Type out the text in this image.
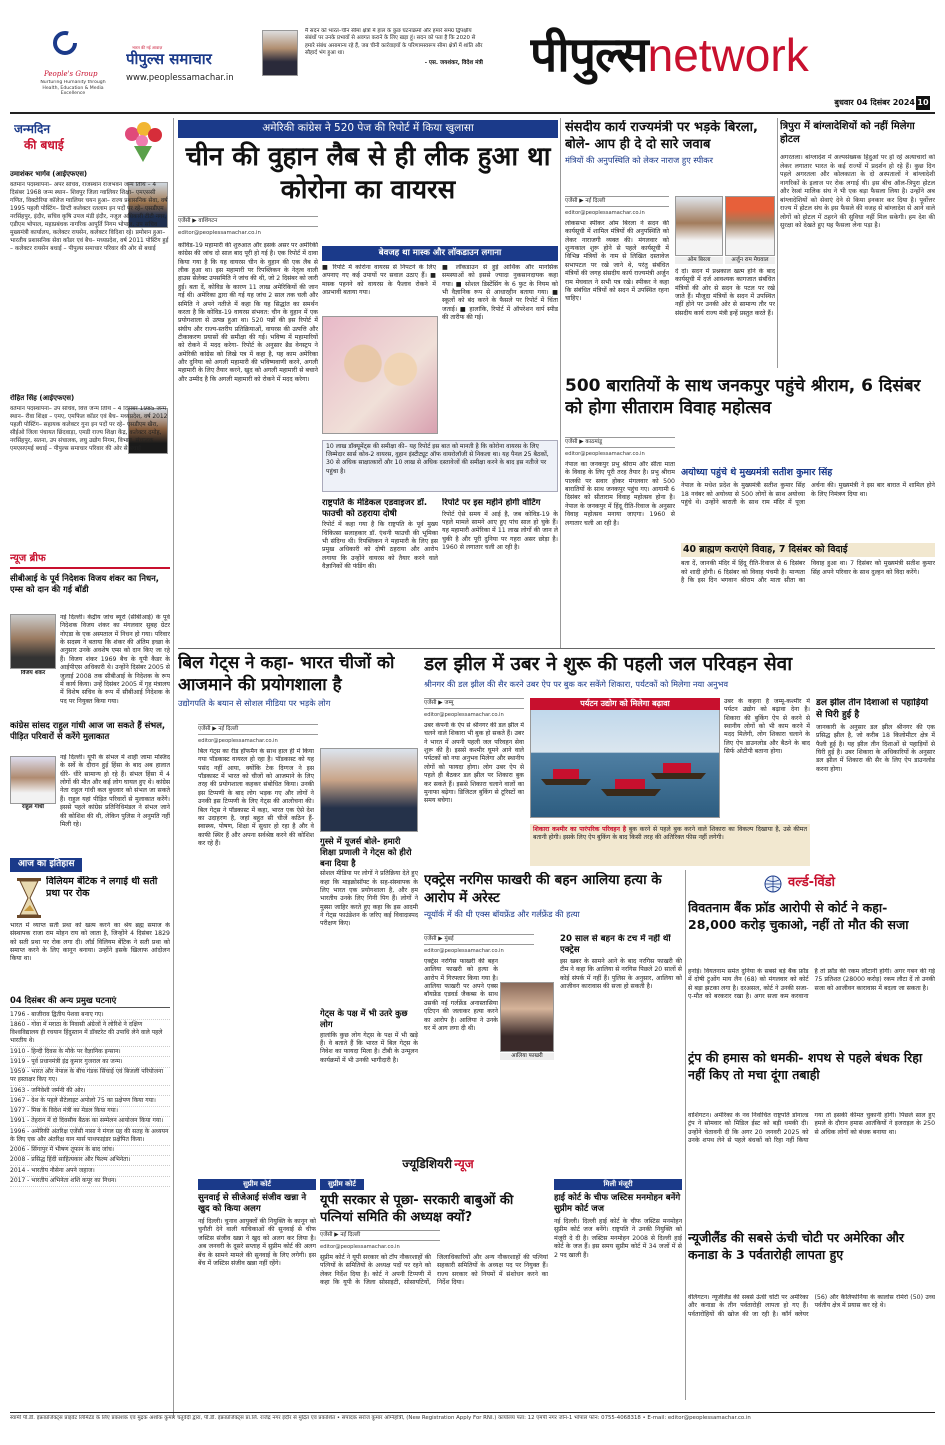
People's Group
Nurturing Humanity through Health, Education & Media Excellence
भारत की नई आवाज़
पीपुल्स समाचार
www.peoplessamachar.in
मैं सदन को भारत–चीन सीमा क्षेत्रों में हाल के कुछ घटनाक्रमों और हमारे समग्र द्विपक्षीय संबंधों पर उनके प्रभावों से अवगत कराने के लिए खड़ा हूं। सदन को पता है कि 2020 से हमारे संबंध असामान्य रहे हैं, जब चीनी कार्रवाइयों के परिणामस्वरूप सीमा क्षेत्रों में शांति और सौहार्द भंग हुआ था।
- एस. जयशंकर, विदेश मंत्री पीपुल्सnetwork
बुधवार 04 दिसंबर 2024 10
जन्मदिन
की बधाई
उमाशंकर भार्गव (आईएफएस)
वर्तमान पदस्थापना– अपर सचिव, राजस्थान राजभवन जन्म तिथि – 4 दिसंबर 1968 जन्म स्थान– शिवपुर जिला ग्वालियर शिक्षा– एमएससी गणित, विक्टोरिया कॉलेज ग्वालियर चयन हुआ– राज्य प्रशासनिक सेवा, वर्ष 1995 पहली पोस्टिंग– डिप्टी कलेक्टर रतलाम इन पदों पर रहे– एसडीएम नरसिंहपुर, इंदौर, सचिव कृषि उपज मंडी इंदौर, नजूल अधिकारी टीटी नगर, एडीएम भोपाल, महाप्रबंधक नागरिक आपूर्ति निगम भोपाल, उप सचिव मुख्यमंत्री कार्यालय, कलेक्टर रायसेन, कलेक्टर विदिशा रहे। प्रमोशन हुआ– भारतीय प्रशासनिक सेवा कॉडर एवं बैच– मध्यप्रदेश, वर्ष 2011 पोस्टिंग हुई – कलेक्टर रायसेन बधाई – पीपुल्स समाचार परिवार की ओर से बधाई
रोहित सिंह (आईएफएस)
वर्तमान पदस्थापना– उप सचिव, वित्त जन्म तिथि – 4 दिसंबर 1985 जन्म स्थान– रीवा शिक्षा – एमए, एमफिल कॉडर एवं बैच– मध्यप्रदेश, वर्ष 2012 पहली पोस्टिंग– सहायक कलेक्टर गुना इन पदों पर रहे– एसडीएम खैरा, सीईओ जिला पंचायत छिंदवाड़ा, एमडी राज्य शिक्षा केंद्र, कलेक्टर दमोह, नरसिंहपुर, सतना, उप संचालक, लघु उद्योग निगम, विभाग, संचालक एमएसएमई बधाई – पीपुल्स समाचार परिवार की ओर से बधाई
न्यूज ब्रीफ
सीबीआई के पूर्व निदेशक विजय शंकर का निधन, एम्स को दान की गई बॉडी
विजय शंकर
नई दिल्ली। केंद्रीय जांच ब्यूरो (सीबीआई) के पूर्व निदेशक विजय शंकर का मंगलवार सुबह ग्रेटर नोएडा के एक अस्पताल में निधन हो गया। परिवार के सदस्य ने बताया कि शंकर की अंतिम इच्छा के अनुसार उनके अवशेष एम्स को दान किए जा रहे हैं। विजय शंकर 1969 बैच के यूपी कैडर के आईपीएस अधिकारी थे। उन्होंने दिसंबर 2005 से जुलाई 2008 तक सीबीआई के निदेशक के रूप में कार्य किया। उन्हें दिसंबर 2005 में गृह मंत्रालय में विशेष सचिव के रूप में सीबीआई निदेशक के पद पर नियुक्त किया गया।
कांग्रेस सांसद राहुल गांधी आज जा सकते हैं संभल, पीड़ित परिवारों से करेंगे मुलाकात
राहुल गांधी
नई दिल्ली। यूपी के संभल में शाही जामा मस्जिद के सर्वे के दौरान हुई हिंसा के बाद अब हालात धीरे- धीरे सामान्य हो रहे हैं। संभल हिंसा में 4 लोगों की मौत और कई लोग घायल हुए थे। कांग्रेस नेता राहुल गांधी कल बुधवार को संभल जा सकते हैं। राहुल यहां पीड़ित परिवारों से मुलाकात करेंगे। इससे पहले कांग्रेस प्रतिनिधिमंडल ने संभल जाने की कोशिश की थी, लेकिन पुलिस ने अनुमति नहीं मिली रहे।
आज का इतिहास
विलियम बेंटिक ने लगाई थी सती प्रथा पर रोक
भारत में व्याप्त सती प्रथा को खत्म करने का श्रेय ब्रह्म समाज के संस्थापक राजा राम मोहन राय को जाता है, जिन्होंने 4 दिसंबर 1829 को सती प्रथा पर रोक लगा दी। लॉर्ड विलियम बेंटिक ने सती प्रथा को समाप्त करने के लिए कानून बनाया। उन्होंने इसके खिलाफ आंदोलन किया था।
04 दिसंबर की अन्य प्रमुख घटनाएं
1796 - बाजीराव द्वितीय पेशवा बनाए गए।
1860 - गोवा में मराठा के निवासी अंग्रेजों ने लोरिशे ने दक्षिण विश्वविद्यालय ही रचयान हिंदुस्तान में डॉक्टरेट की उपाधि लेने वाले पहले भारतीय थे।
1910 - हिन्दी दिवस के मौके पर वैज्ञानिक इन्सान।
1919 - पूर्व प्रधानमंत्री इंद्र कुमार गुजराल का जन्म।
1959 - भारत और नेपाल के बीच गंडक सिंचाई एवं बिजली परियोजना पर हस्ताक्षर किए गए।
1963 - जनिवेशी जर्मनी की ओर।
1967 - देश के पहले सैटेलाइट अपोलो 75 का प्रक्षेपण किया गया।
1977 - मिस्र के विदेश मंत्री का मेडल किया गया।
1991 - तेहरान में दो दिवसीय बैठक का सम्मेलन आयोजन किया गया।
1996 - अमेरिकी अंतरिक्ष एजेंसी नासा ने मंगल ग्रह की सतह के अध्ययन के लिए एक और अंतरिक्ष यान मार्स पाथफाइंडर प्रक्षेपित किया।
2006 - सिंगापुर में भीषण तूफान के बाद जांच।
2008 - प्रसिद्ध हिंदी साहित्यकार और फिल्म अभिनेता।
2014 - भारतीय नौसेना अपने जहाज।
2017 - भारतीय अभिनेता शशि कपूर का निधन।
अमेरिकी कांग्रेस ने 520 पेज की रिपोर्ट में किया खुलासा
चीन की वुहान लैब से ही लीक हुआ था कोरोना का वायरस
एजेंसी ▶ वाशिंगटन
editor@peoplessamachar.co.in
कोविड-19 महामारी की शुरुआत और इसके असर पर अमेरिकी कांग्रेस की जांच दो साल बाद पूरी हो गई है। एक रिपोर्ट में दावा किया गया है कि यह वायरस चीन के वुहान की एक लैब से लीक हुआ था। इस महामारी पर रिपब्लिकन के नेतृत्व वाली हाउस सेलेक्ट उपसमिति ने जांच की थी, जो 2 दिसंबर को जारी हुई। बता दें, कोविड के कारण 11 लाख अमेरिकियों की जान गई थी। अमेरिका द्वारा की गई यह जांच 2 साल तक चली और समिति ने अपने नतीजे में कहा कि यह सिद्धांत का समर्थन करता है कि कोविड-19 वायरस संभवत: चीन के वुहान में एक प्रयोगशाला से उत्पन्न हुआ था। 520 पन्नों की इस रिपोर्ट में संघीय और राज्य-स्तरीय प्रतिक्रियाओं, वायरस की उत्पत्ति और टीकाकरण प्रयासों की समीक्षा की गई। भविष्य में महामारियों को रोकने में मदद करेगा- रिपोर्ट के अनुसार ब्रैड वेनस्ट्रप ने अमेरिकी कांग्रेस को लिखे पत्र में कहा है, यह काम अमेरिका और दुनिया को अगली महामारी की भविष्यवाणी करने, अगली महामारी के लिए तैयार करने, खुद को अगली महामारी से बचाने और उम्मीद है कि अगली महामारी को रोकने में मदद करेगा।
बेवजह था मास्क और लॉकडाउन लगाना
■ रिपोर्ट में कोरोना वायरस से निपटने के लिए अपनाए गए कई उपायों पर सवाल उठाए हैं। ■ मास्क पहनने को वायरस के फैलाव रोकने में अप्रभावी बताया गया।
■ लॉकडाउन से हुई आर्थिक और मानसिक समस्याओं को इससे ज्यादा नुकसानदायक कहा गया। ■ सोशल डिस्टेंसिंग के 6 फुट के नियम को भी वैज्ञानिक रूप से आधारहीन बताया गया। ■ स्कूलों को बंद करने के फैसले पर रिपोर्ट में चिंता जताई। ■ हालांकि, रिपोर्ट में ऑपरेशन वार्प स्पीड की तारीफ की गई।
10 लाख डॉक्यूमेंट्स की समीक्षा की– यह रिपोर्ट इस बात को मानती है कि कोरोना वायरस के लिए जिम्मेदार सार्स कोव-2 वायरस, वुहान इंस्टीट्यूट ऑफ वायरोलॉजी से निकला था। यह पैनल 25 बैठकों, 30 से अधिक साक्षात्कारों और 10 लाख से अधिक दस्तावेजों की समीक्षा करने के बाद इस नतीजे पर पहुंचा है।
राष्ट्रपति के मेडिकल एडवाइजर डॉ. फाउची को ठहराया दोषी
रिपोर्ट में कहा गया है कि राष्ट्रपति के पूर्व मुख्य चिकित्सा सलाहकार डॉ. एंथनी फाउची की भूमिका भी संदिग्ध थी। रिपब्लिकन ने महामारी के लिए इस प्रमुख अधिकारी को दोषी ठहराया और आरोप लगाया कि उन्होंने वायरस को तैयार करने वाले वैज्ञानिकों की फंडिंग की।
रिपोर्ट पर इस महीने होगी वोटिंग
रिपोर्ट ऐसे समय में आई है, जब कोविड-19 के पहले मामले सामने आए हुए पांच साल हो चुके हैं। यह महामारी अमेरिका में 11 लाख लोगों की जान ले चुकी है और पूरी दुनिया पर गहरा असर छोड़ा है। 1960 से लगातार चली आ रही है।
संसदीय कार्य राज्यमंत्री पर भड़के बिरला, बोले- आप ही दे दो सारे जवाब
मंत्रियों की अनुपस्थिति को लेकर नाराज हुए स्पीकर
एजेंसी ▶ नई दिल्ली
editor@peoplessamachar.co.in
लोकसभा स्पीकर ओम बिरला ने सदन की कार्यसूची में शामिल मंत्रियों की अनुपस्थिति को लेकर नाराजगी व्यक्त की। मंगलवार को शून्यकाल शुरू होने से पहले कार्यसूची में विभिन्न मंत्रियों के नाम से लिखित दस्तावेज सभापटल पर रखे जाने थे, परंतु संबंधित मंत्रियों की जगह संसदीय कार्य राज्यमंत्री अर्जुन राम मेघवाल ने सभी पत्र रखे। स्पीकर ने कहा कि संबंधित मंत्रियों को सदन में उपस्थित रहना चाहिए।
ओम बिरला	अर्जुन राम मेघवाल
दे दो। सदन में प्रश्नकाल खत्म होने के बाद कार्यसूची में दर्ज आवश्यक कागजात संबंधित मंत्रियों की ओर से सदन के पटल पर रखे जाते हैं। मौजूदा मंत्रियों के सदन में उपस्थित नहीं होने पर उनकी ओर से सामान्य तौर पर संसदीय कार्य राज्य मंत्री इन्हें प्रस्तुत करते हैं।
त्रिपुरा में बांग्लादेशियों को नहीं मिलेगा होटल
अगरतला। बांग्लादेश में अल्पसंख्यक हिंदुओं पर हो रहे अत्याचारों को लेकर लगातार भारत के कई राज्यों में प्रदर्शन हो रहे हैं। कुछ दिन पहले अगरतला और कोलकाता के दो अस्पतालों ने बांग्लादेशी नागरिकों के इलाज पर रोक लगाई थी। इस बीच ऑल-त्रिपुरा होटल और रेस्त्रां मालिक संघ ने भी एक बड़ा फैसला लिया है। उन्होंने अब बांग्लादेशियों को सेवाएं देने से किया इनकार कर दिया है। पूर्वोत्तर राज्य में होटल संघ के इस फैसले की वजह से बांग्लादेश से आने वाले लोगों को होटल में ठहरने की सुविधा नहीं मिल सकेगी। हम देश की सुरक्षा को देखते हुए यह फैसला लेना पड़ा है।
500 बारातियों के साथ जनकपुर पहुंचे श्रीराम, 6 दिसंबर को होगा सीताराम विवाह महोत्सव
एजेंसी ▶ काठमांडू
editor@peoplessamachar.co.in
नेपाल का जनकपुर प्रभु श्रीराम और सीता माता के विवाह के लिए पूरी तरह तैयार है। प्रभु श्रीराम पालकी पर सवार होकर मंगलवार को 500 बारातियों के साथ जनकपुर पहुंच गए। आगामी 6 दिसंबर को सीताराम विवाह महोत्सव होना है। नेपाल के जनकपुर में हिंदू रीति-रिवाज के अनुसार विवाह महोत्सव मनाया जाएगा। 1960 से लगातार चली आ रही है।
अयोध्या पहुंचे थे मुख्यमंत्री सतीश कुमार सिंह
नेपाल के मधेश प्रदेश के मुख्यमंत्री सतीश कुमार सिंह 18 नवंबर को अयोध्या से 500 लोगों के साथ अयोध्या पहुंचे थे। उन्होंने बाराती के साथ राम मंदिर में पूजा अर्चना की। मुख्यमंत्री ने इस बार बारात में शामिल होने के लिए निमंत्रण दिया था।
40 ब्राह्मण कराएंगे विवाह, 7 दिसंबर को विदाई
बता दें, जानकी मंदिर में हिंदू रीति-रिवाज से 6 दिसंबर को शादी होगी। 6 दिसंबर को विवाह पंचमी है। मान्यता है कि इस दिन भगवान श्रीराम और माता सीता का विवाह हुआ था। 7 दिसंबर को मुख्यमंत्री सतीश कुमार सिंह अपने परिवार के साथ दुल्हन को विदा करेंगे।
बिल गेट्स ने कहा- भारत चीजों को आजमाने की प्रयोगशाला है
उद्योगपति के बयान से सोशल मीडिया पर भड़के लोग
एजेंसी ▶ नई दिल्ली
editor@peoplessamachar.co.in
बिल गेट्स का रीड हॉफमैन के साथ हाल ही में किया गया पॉडकास्ट वायरल हो रहा है। पॉडकास्ट को यह पसंद नहीं आया, क्योंकि टेक दिग्गज ने इस पॉडकास्ट में भारत को चीजों को आजमाने के लिए तरह की प्रयोगशाला कहकर संबोधित किया। उनकी इस टिप्पणी के बाद लोग भड़क गए और लोगों ने उनकी इस टिप्पणी के लिए गेट्स की आलोचना की। बिल गेट्स ने पॉडकास्ट में कहा, भारत एक ऐसे देश का उदाहरण है, जहां बहुत सी चीजें कठिन हैं- स्वास्थ्य, पोषण, शिक्षा में सुधार हो रहा है और वे काफी स्थिर हैं और अपना सर्वश्रेष्ठ करने की कोशिश कर रहे हैं।	गुस्से में यूजर्स बोले- हमारी शिक्षा प्रणाली ने गेट्स को हीरो बना दिया है
सोशल मीडिया पर लोगों ने प्रतिक्रिया देते हुए कहा कि माइक्रोसॉफ्ट के सह-संस्थापक के लिए भारत एक प्रयोगशाला है, और हम भारतीय उनके लिए गिनी पिग हैं। लोगों ने मुस्सा जाहिर करते हुए कहा कि इस आदमी ने गेट्स फाउंडेशन के जरिए कई विवादास्पद परीक्षण किए।
गेट्स के पक्ष में भी उतरे कुछ लोग
हालांकि कुछ लोग गेट्स के पक्ष में भी खड़े हैं। वे बताते हैं कि भारत में बिल गेट्स के निवेश का फायदा मिला है। टीबी के उन्मूलन कार्यक्रमों में भी उनकी भागीदारी है।
डल झील में उबर ने शुरू की पहली जल परिवहन सेवा
श्रीनगर की डल झील की सैर करने उबर ऐप पर बुक कर सकेंगे शिकारा, पर्यटकों को मिलेगा नया अनुभव
एजेंसी ▶ जम्मू
editor@peoplessamachar.co.in
उबर कंपनी के ऐप से श्रीनगर की डल झील में चलने वाले शिकारा भी बुक हो सकते हैं। उबर ने भारत में अपनी पहली जल परिवहन सेवा शुरू की है। इससे कश्मीर घूमने आने वाले पर्यटकों को नया अनुभव मिलेगा और स्थानीय लोगों को फायदा होगा। लोग उबर ऐप से पहले ही बैठकर डल झील पर शिकारा बुक कर सकते हैं। इससे शिकारा चलाने वालों का मुनाफा बढ़ेगा। डिजिटल बुकिंग से टूरिस्टों का समय बचेगा।
पर्यटन उद्योग को मिलेगा बढ़ावा	उबर के कहना है जम्मू-कश्मीर में पर्यटन उद्योग को बढ़ावा देना है। शिकारा की बुकिंग ऐप से करने से स्थानीय लोगों को भी काम करने में मदद मिलेगी, लोग शिकारा चलाने के लिए ऐप डाउनलोड और बैठने के बाद सिर्फ ओटीपी बताना होगा।
शिकारा कश्मीर का पारंपरिक परिवहन है बुक करने से पहले बुक करने वाले शिकारा का विकल्प दिखाया है, उसे कीमत बतानी होगी। इसके लिए ऐप बुकिंग के बाद किसी तरह की अतिरिक्त फीस नहीं लगेगी।
डल झील तीन दिशाओं से पहाड़ियों से घिरी हुई है
जानकारी के अनुसार डल झील श्रीनगर की एक प्रसिद्ध झील है, जो करीब 18 किलोमीटर क्षेत्र में फैली हुई है। यह झील तीन दिशाओं से पहाड़ियों से घिरी हुई है। उबर शिकारा के अधिकारियों के अनुसार डल झील में शिकारा की सैर के लिए ऐप डाउनलोड करना होगा।
एक्ट्रेस नरगिस फाखरी की बहन आलिया हत्या के आरोप में अरेस्ट
न्यूयॉर्क में की थी एक्स बॉयफ्रेंड और गर्लफ्रेंड की हत्या
एजेंसी ▶ मुंबई
editor@peoplessamachar.co.in
एक्ट्रेस नरगिस फाखरी की बहन आलिया फाखरी को हत्या के आरोप में गिरफ्तार किया गया है। आलिया फाखरी पर अपने एक्स बॉयफ्रेंड एडवर्ड जैकब्स के साथ उसकी नई गर्लफ्रेंड अनास्तासिया एटिएन की जलाकर हत्या करने का आरोप है। आलिया ने उनके घर में आग लगा दी थी।
आलिया फाखरी
20 साल से बहन के टच में नहीं थीं एक्ट्रेस
इस खबर के सामने आने के बाद नरगिस फाखरी की टीम ने कहा कि आलिया से नरगिस पिछले 20 सालों से कोई संपर्क में नहीं हैं। पुलिस के अनुसार, आलिया को आजीवन कारावास की सजा हो सकती है।
वर्ल्ड-विंडो
विवतनाम बैंक फ्रॉड आरोपी से कोर्ट ने कहा- 28,000 करोड़ चुकाओ, नहीं तो मौत की सजा
हनोई। वियतनाम समेत दुनिया के सबसे बड़े बैंक फ्रॉड में दोषी ट्रुओंग माय लैन (68) को मंगलवार को कोर्ट से बड़ा झटका लगा है। दरअसल, कोर्ट ने उनकी सजा-ए-मौत को बरकरार रखा है। अगर सजा कम करवाना है तो फ्रॉड की रकम लौटानी होगी। अगर गबन की गई 75 प्रतिशत (28000 करोड़) रकम लौटा दें तो उनकी सजा को आजीवन कारावास में बदला जा सकता है।
ट्रंप की हमास को धमकी- शपथ से पहले बंधक रिहा नहीं किए तो मचा दूंगा तबाही
वाशिंगटन। अमेरिका के नव निर्वाचित राष्ट्रपति डोनाल्ड ट्रंप ने सोमवार को मिडिल ईस्ट को बड़ी धमकी दी। उन्होंने चेतावनी दी कि अगर 20 जनवरी 2025 को उनके शपथ लेने से पहले बंधकों को रिहा नहीं किया गया तो इसकी कीमत चुकानी होगी। पिछले साल हुए हमले के दौरान हमास आतंकियों ने इजराइल के 250 से अधिक लोगों को बंधक बनाया था।
न्यूजीलैंड की सबसे ऊंची चोटी पर अमेरिका और कनाडा के 3 पर्वतारोही लापता हुए
वेलिंगटन। न्यूजीलैंड की सबसे ऊंची चोटी पर अमेरिका और कनाडा के तीन पर्वतारोही लापता हो गए हैं। पर्वतारोहियों की खोज की जा रही है। कॉर्न क्लेयर (56) और कैलिफोर्निया के कार्लोस रोमेरो (50) उच्च पर्वतीय क्षेत्र में प्रयास कर रहे थे।
ज्यूडिशियरी न्यूज
सुप्रीम कोर्ट
सुनवाई से सीजेआई संजीव खन्ना ने खुद को किया अलग
नई दिल्ली। चुनाव आयुक्तों की नियुक्ति के कानून को चुनौती देने वाली याचिकाओं की सुनवाई से चीफ जस्टिस संजीव खन्ना ने खुद को अलग कर लिया है। अब जनवरी के दूसरे सप्ताह में सुप्रीम कोर्ट की अलग बेंच के सामने मामले की सुनवाई के लिए लगेगी। इस बेंच में जस्टिस संजीव खन्ना नहीं रहेंगे।
सुप्रीम कोर्ट
यूपी सरकार से पूछा- सरकारी बाबुओं की पत्नियां समिति की अध्यक्ष क्यों?
एजेंसी ▶ नई दिल्ली
editor@peoplessamachar.co.in
सुप्रीम कोर्ट ने यूपी सरकार को टॉप नौकरशाहों की पत्नियों के समितियों के अध्यक्ष पदों पर रहने को लेकर निर्देश दिया है। कोर्ट ने अपनी टिप्पणी में कहा कि यूपी के जिला सोसाइटी, सोसायटियों, जिलाधिकारियों और अन्य नौकरशाहों की पत्नियां सहकारी समितियों के अध्यक्ष पद पर नियुक्त हैं। राज्य सरकार को नियमों में संशोधन करने का निर्देश दिया।
मिली मंजूरी
हाई कोर्ट के चीफ जस्टिस मनमोहन बनेंगे सुप्रीम कोर्ट जज
नई दिल्ली। दिल्ली हाई कोर्ट के चीफ जस्टिस मनमोहन सुप्रीम कोर्ट जज बनेंगे। राष्ट्रपति ने उनकी नियुक्ति को मंजूरी दे दी है। जस्टिस मनमोहन 2008 से दिल्ली हाई कोर्ट के जज हैं। इस समय सुप्रीम कोर्ट में 34 जजों में से 2 पद खाली हैं।
स्वामी पी.डी. इंफ्राप्रोजेक्ट्स प्राइवेट लिमिटेड के लिए प्रकाशक एवं मुद्रक अशोक कुमार चतुर्वेदी द्वारा, पी.डी. इंफ्राप्रोजेक्ट्स प्रा.लि. राजेंद्र नगर इंदौर से मुद्रित एवं प्रकाशित • संपादक सरोज कुमार अग्निहोत्री, (New Registration Apply For RNI.) कार्यालय पता: 12 एमपी नगर जोन-1 भोपाल फोन: 0755-4068318 • E-mail: editor@peoplessamachar.co.in
